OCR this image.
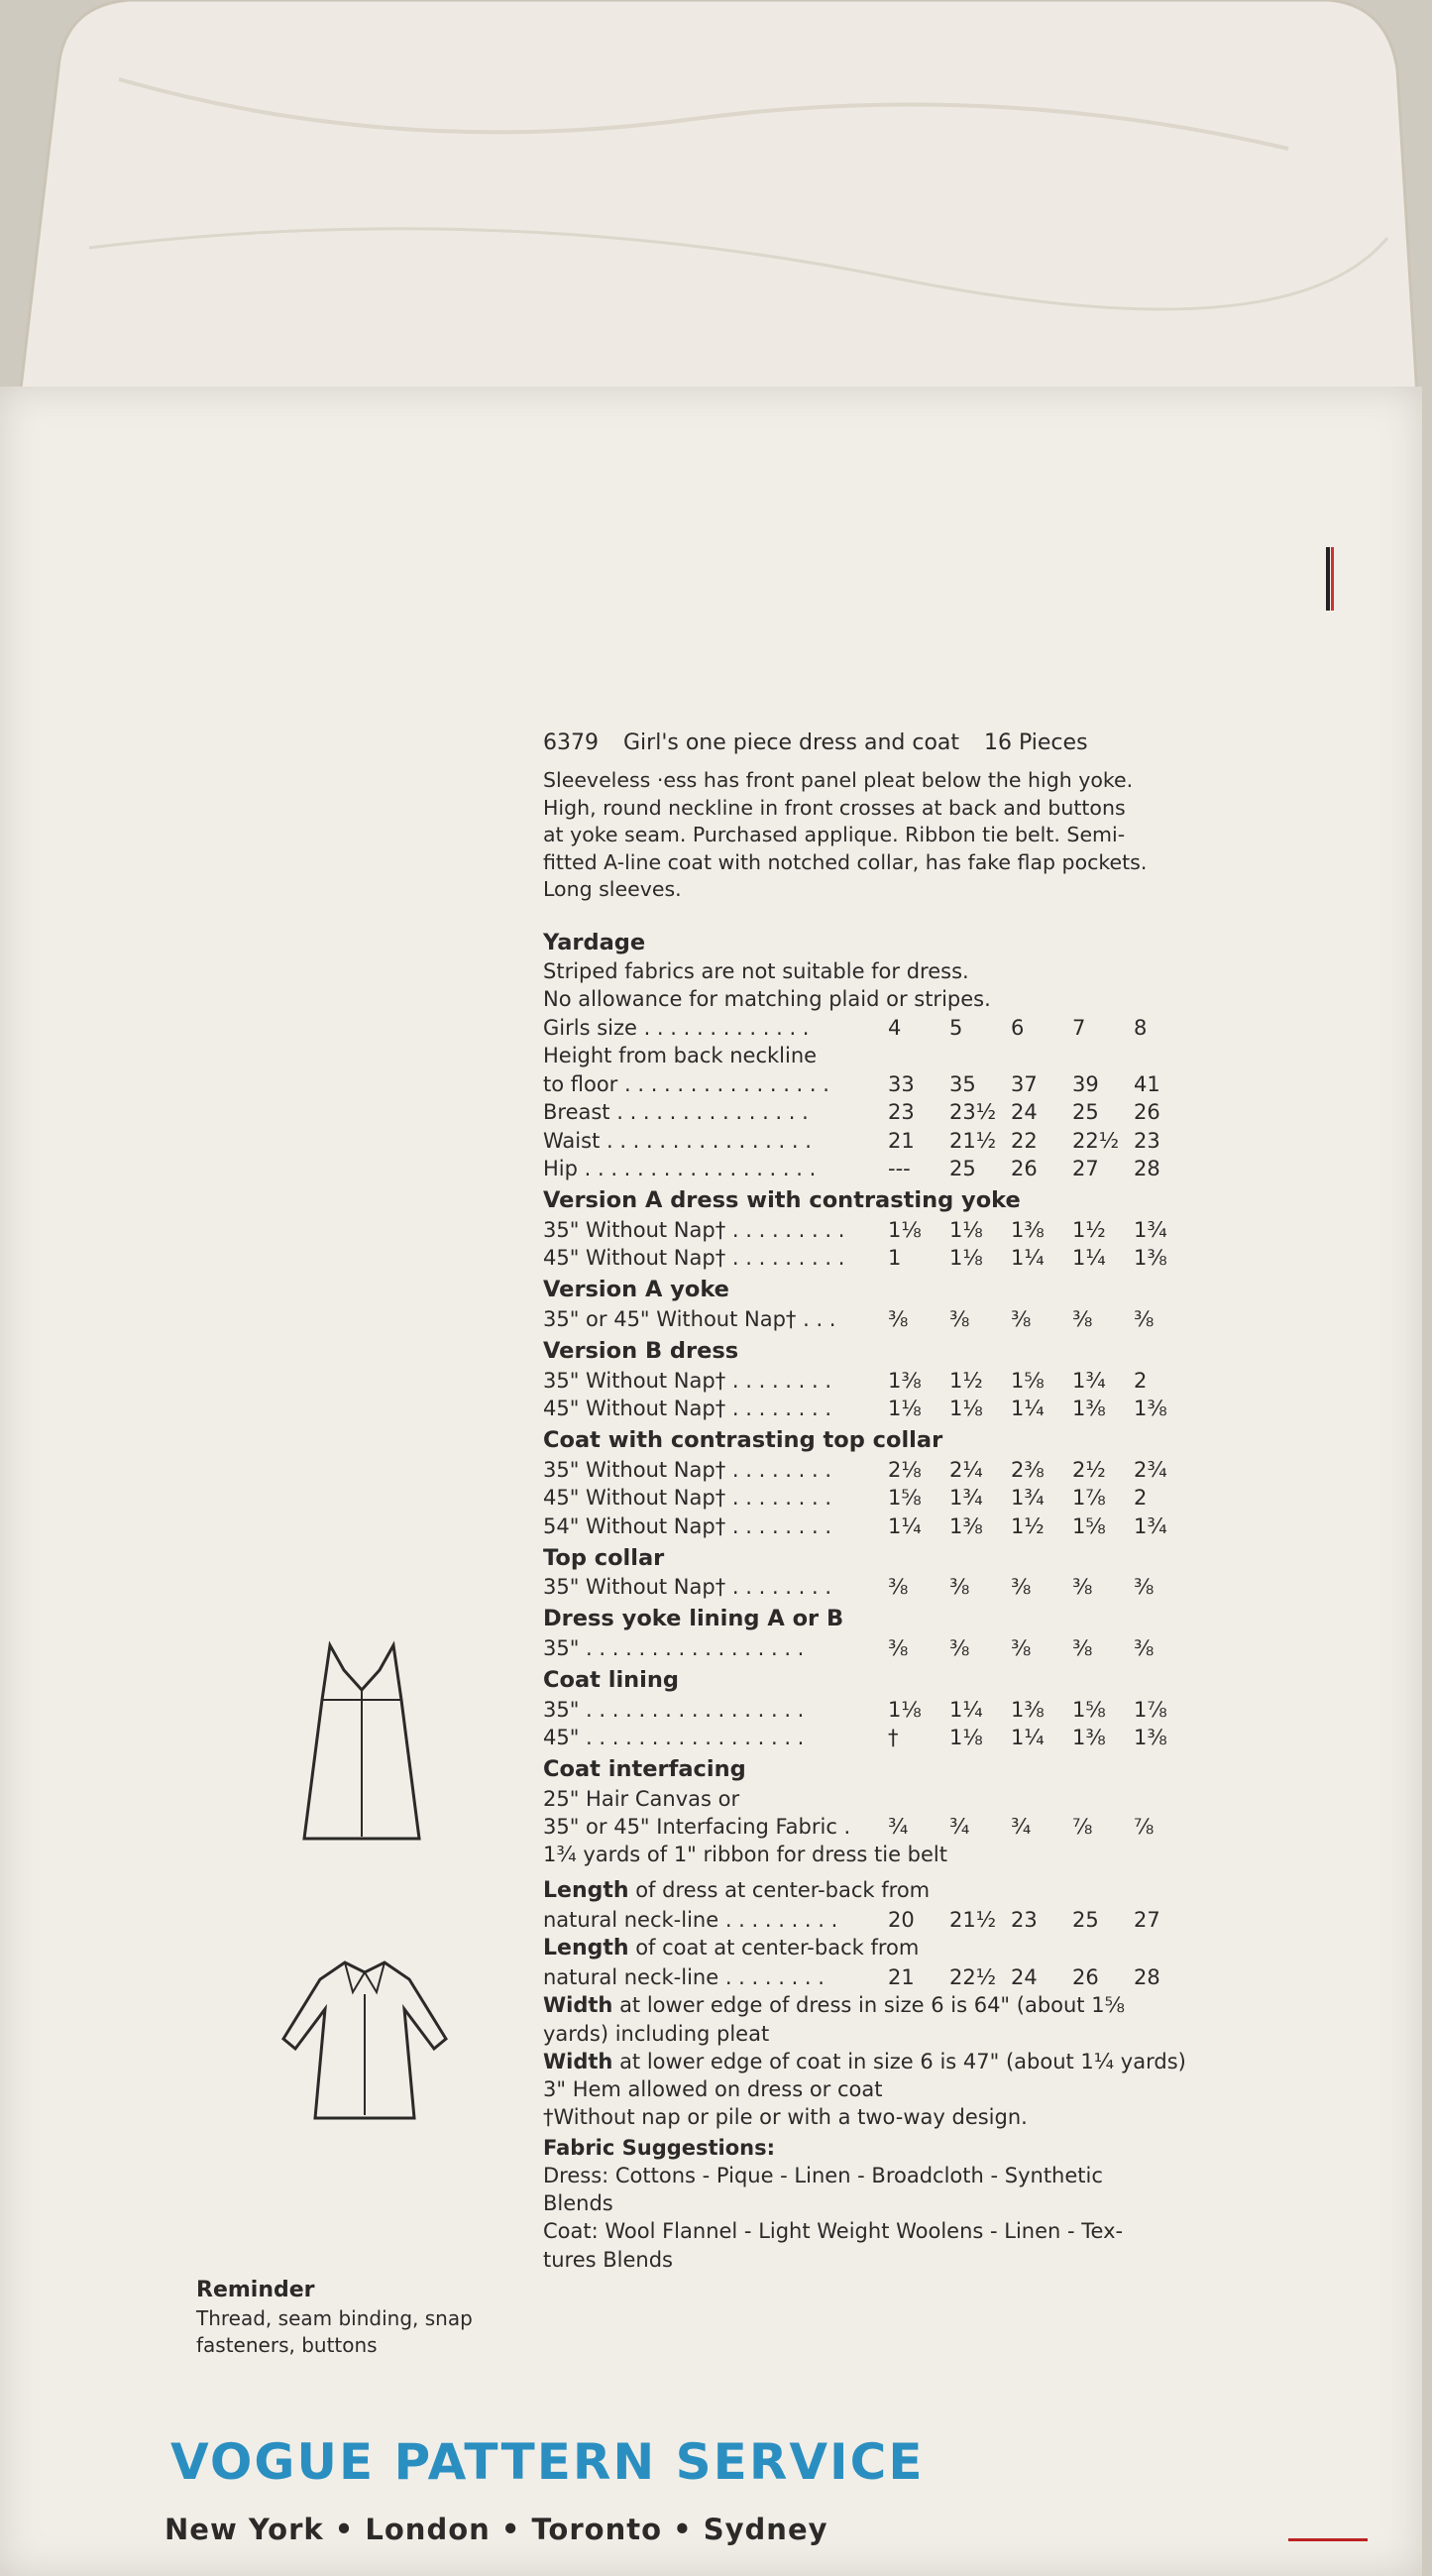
6379 Girl's one piece dress and coat 16 Pieces
Sleeveless ·ess has front panel pleat below the high yoke.
High, round neckline in front crosses at back and buttons
at yoke seam. Purchased applique. Ribbon tie belt. Semi-
fitted A-line coat with notched collar, has fake flap pockets.
Long sleeves.
Yardage
Striped fabrics are not suitable for dress.
No allowance for matching plaid or stripes.
Girls size . . . . . . . . . . . . .	4	5	6	7	8
Height from back neckline
to floor . . . . . . . . . . . . . . . .	33	35	37	39	41
Breast . . . . . . . . . . . . . . .	23	23½ 24	25	26
Waist . . . . . . . . . . . . . . . .	21	21½ 22	22½ 23
Hip . . . . . . . . . . . . . . . . . .	---	25	26	27	28
Version A dress with contrasting yoke
35" Without Nap† . . . . . . . . .	1⅛	1⅛	1⅜	1½	1¾
45" Without Nap† . . . . . . . . .	1	1⅛	1¼	1¼	1⅜
Version A yoke
35" or 45" Without Nap† . . .	⅜	⅜	⅜	⅜	⅜
Version B dress
35" Without Nap† . . . . . . . .	1⅜	1½	1⅝	1¾	2
45" Without Nap† . . . . . . . .	1⅛	1⅛	1¼	1⅜	1⅜
Coat with contrasting top collar
35" Without Nap† . . . . . . . .	2⅛	2¼	2⅜	2½	2¾
45" Without Nap† . . . . . . . .	1⅝	1¾	1¾	1⅞	2
54" Without Nap† . . . . . . . .	1¼	1⅜	1½	1⅝	1¾
Top collar
35" Without Nap† . . . . . . . .	⅜	⅜	⅜	⅜	⅜
Dress yoke lining A or B
35" . . . . . . . . . . . . . . . . .	⅜	⅜	⅜	⅜	⅜
Coat lining
35" . . . . . . . . . . . . . . . . .	1⅛	1¼	1⅜	1⅝	1⅞
45" . . . . . . . . . . . . . . . . .	†	1⅛	1¼	1⅜	1⅜
Coat interfacing
25" Hair Canvas or
35" or 45" Interfacing Fabric .	¾	¾	¾	⅞	⅞
1¾ yards of 1" ribbon for dress tie belt
Length of dress at center-back from
natural neck-line . . . . . . . . .	20	21½ 23	25	27
Length of coat at center-back from
natural neck-line . . . . . . . .	21	22½ 24	26	28
Width at lower edge of dress in size 6 is 64" (about 1⅝
yards) including pleat
Width at lower edge of coat in size 6 is 47" (about 1¼ yards)
3" Hem allowed on dress or coat
†Without nap or pile or with a two-way design.
Fabric Suggestions:
Dress: Cottons - Pique - Linen - Broadcloth - Synthetic
Blends
Coat: Wool Flannel - Light Weight Woolens - Linen - Tex-
tures Blends
Reminder
Thread, seam binding, snap
fasteners, buttons
VOGUE PATTERN SERVICE
New York • London • Toronto • Sydney
